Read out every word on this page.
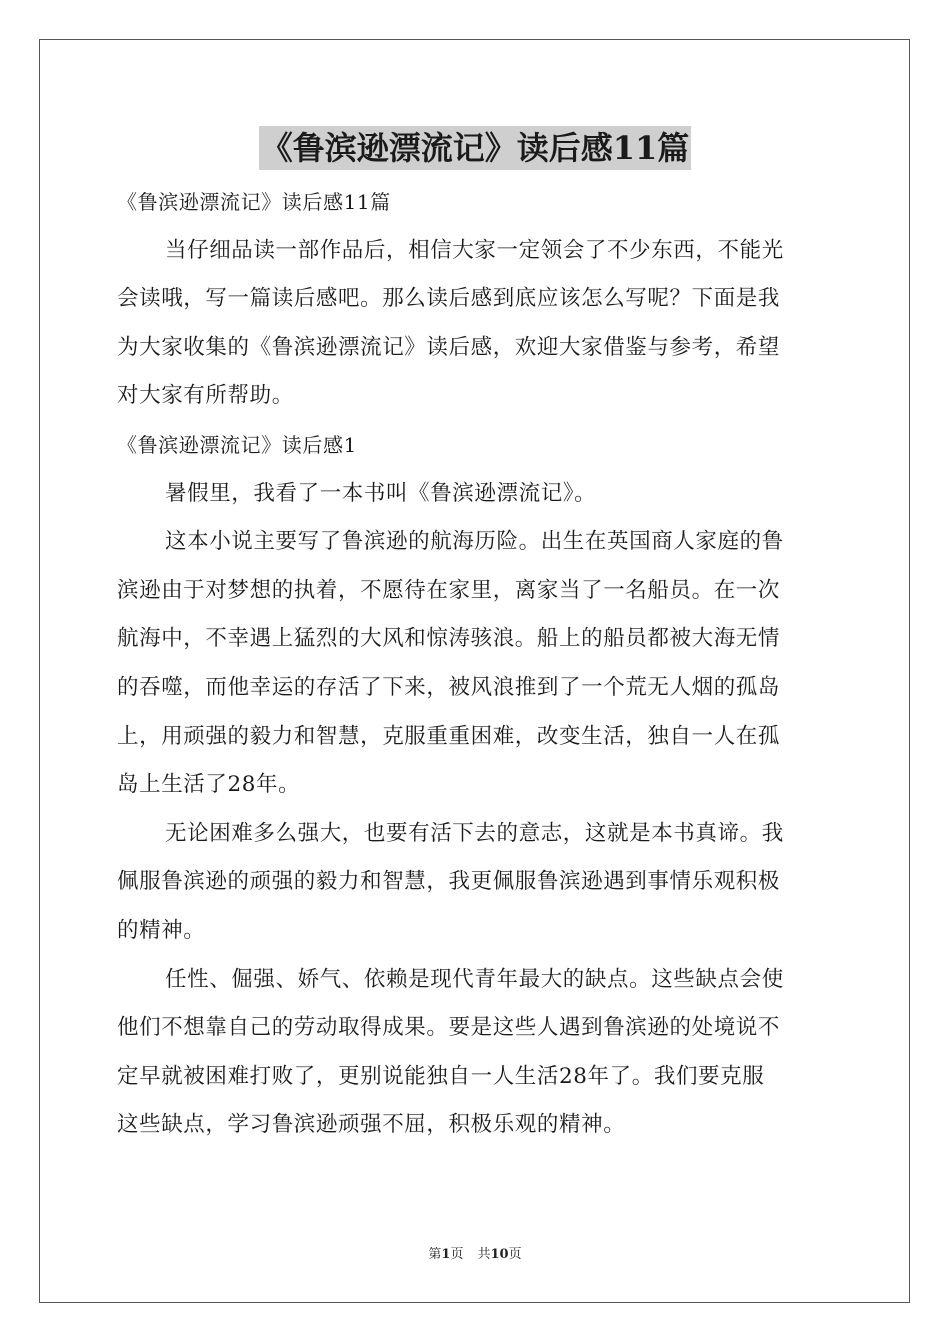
《鲁滨逊漂流记》读后感11篇
《鲁滨逊漂流记》读后感11篇
当仔细品读一部作品后，相信大家一定领会了不少东西，不能光
会读哦，写一篇读后感吧。那么读后感到底应该怎么写呢？下面是我
为大家收集的《鲁滨逊漂流记》读后感，欢迎大家借鉴与参考，希望
对大家有所帮助。
《鲁滨逊漂流记》读后感1
暑假里，我看了一本书叫《鲁滨逊漂流记》。
这本小说主要写了鲁滨逊的航海历险。出生在英国商人家庭的鲁
滨逊由于对梦想的执着，不愿待在家里，离家当了一名船员。在一次
航海中，不幸遇上猛烈的大风和惊涛骇浪。船上的船员都被大海无情
的吞噬，而他幸运的存活了下来，被风浪推到了一个荒无人烟的孤岛
上，用顽强的毅力和智慧，克服重重困难，改变生活，独自一人在孤
岛上生活了28年。
无论困难多么强大，也要有活下去的意志，这就是本书真谛。我
佩服鲁滨逊的顽强的毅力和智慧，我更佩服鲁滨逊遇到事情乐观积极
的精神。
任性、倔强、娇气、依赖是现代青年最大的缺点。这些缺点会使
他们不想靠自己的劳动取得成果。要是这些人遇到鲁滨逊的处境说不
定早就被困难打败了，更别说能独自一人生活28年了。我们要克服
这些缺点，学习鲁滨逊顽强不屈，积极乐观的精神。
第1页 共10页
